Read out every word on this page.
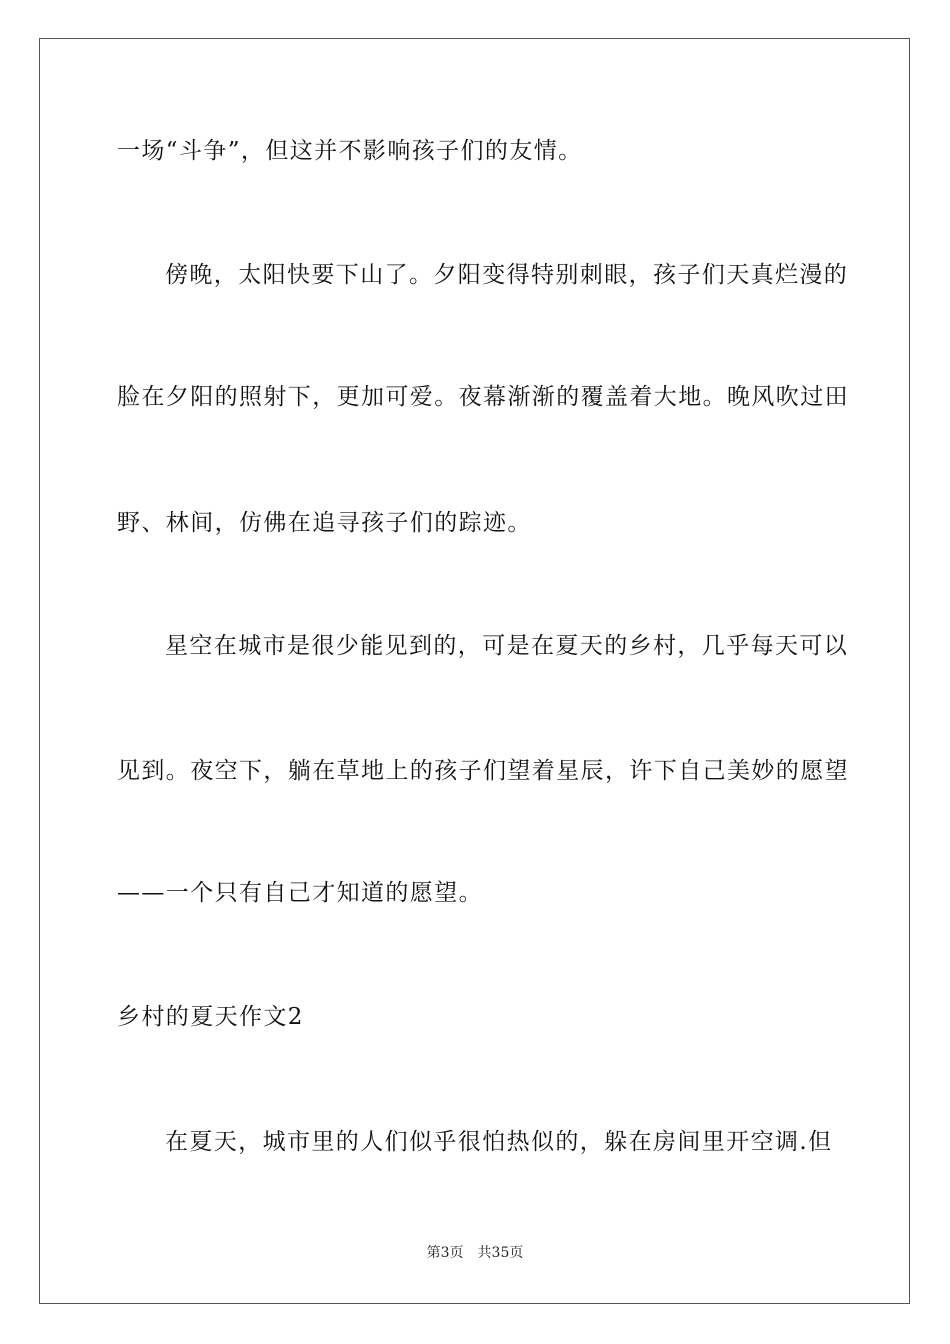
一场“斗争”，但这并不影响孩子们的友情。

傍晚，太阳快要下山了。夕阳变得特别刺眼，孩子们天真烂漫的

脸在夕阳的照射下，更加可爱。夜幕渐渐的覆盖着大地。晚风吹过田

野、林间，仿佛在追寻孩子们的踪迹。

星空在城市是很少能见到的，可是在夏天的乡村，几乎每天可以

见到。夜空下，躺在草地上的孩子们望着星辰，许下自己美妙的愿望

——一个只有自己才知道的愿望。

乡村的夏天作文2

在夏天，城市里的人们似乎很怕热似的，躲在房间里开空调.但

第3页　共35页
